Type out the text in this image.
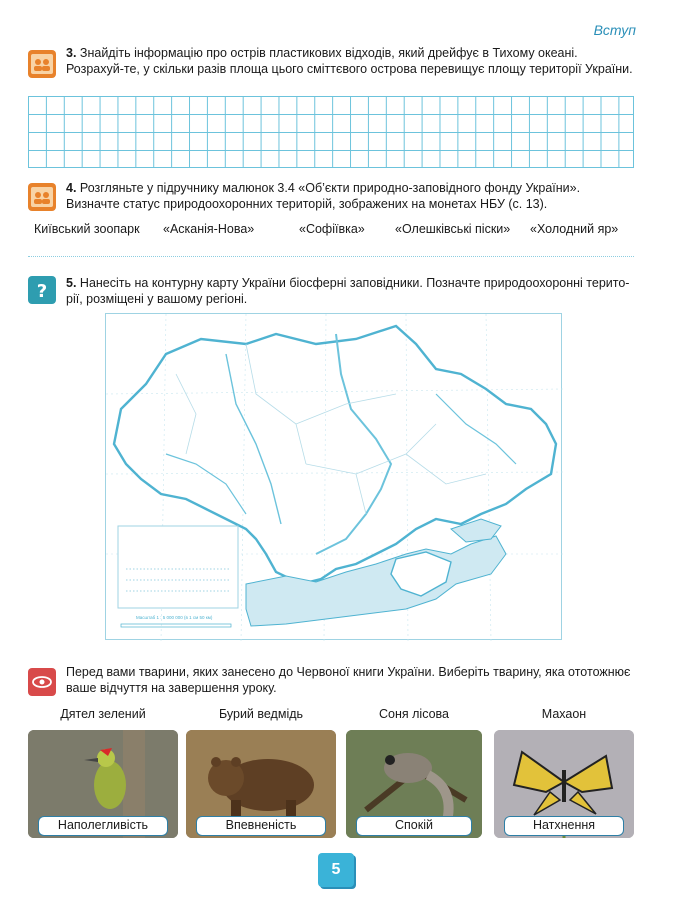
Вступ
3. Знайдіть інформацію про острів пластикових відходів, який дрейфує в Тихому океані. Розрахуй-те, у скільки разів площа цього сміттєвого острова перевищує площу території України.
4. Розгляньте у підручнику малюнок 3.4 «Об’єкти природно-заповідного фонду України». Визначте статус природоохоронних територій, зображених на монетах НБУ (с. 13).
Київський зоопарк «Асканія-Нова»	«Софіївка» «Олешківські піски» «Холодний яр»
? 5. Нанесіть на контурну карту України біосферні заповідники. Позначте природоохоронні терито-рії, розміщені у вашому регіоні.
Масштаб 1 : 5 000 000 (в 1 см 50 км)
Перед вами тварини, яких занесено до Червоної книги України. Виберіть тварину, яка ототожнює ваше відчуття на завершення уроку.
Дятел зелений	Бурий ведмідь	Соня лісова	Махаон
Наполегливість	Впевненість	Спокій	Натхнення
5
